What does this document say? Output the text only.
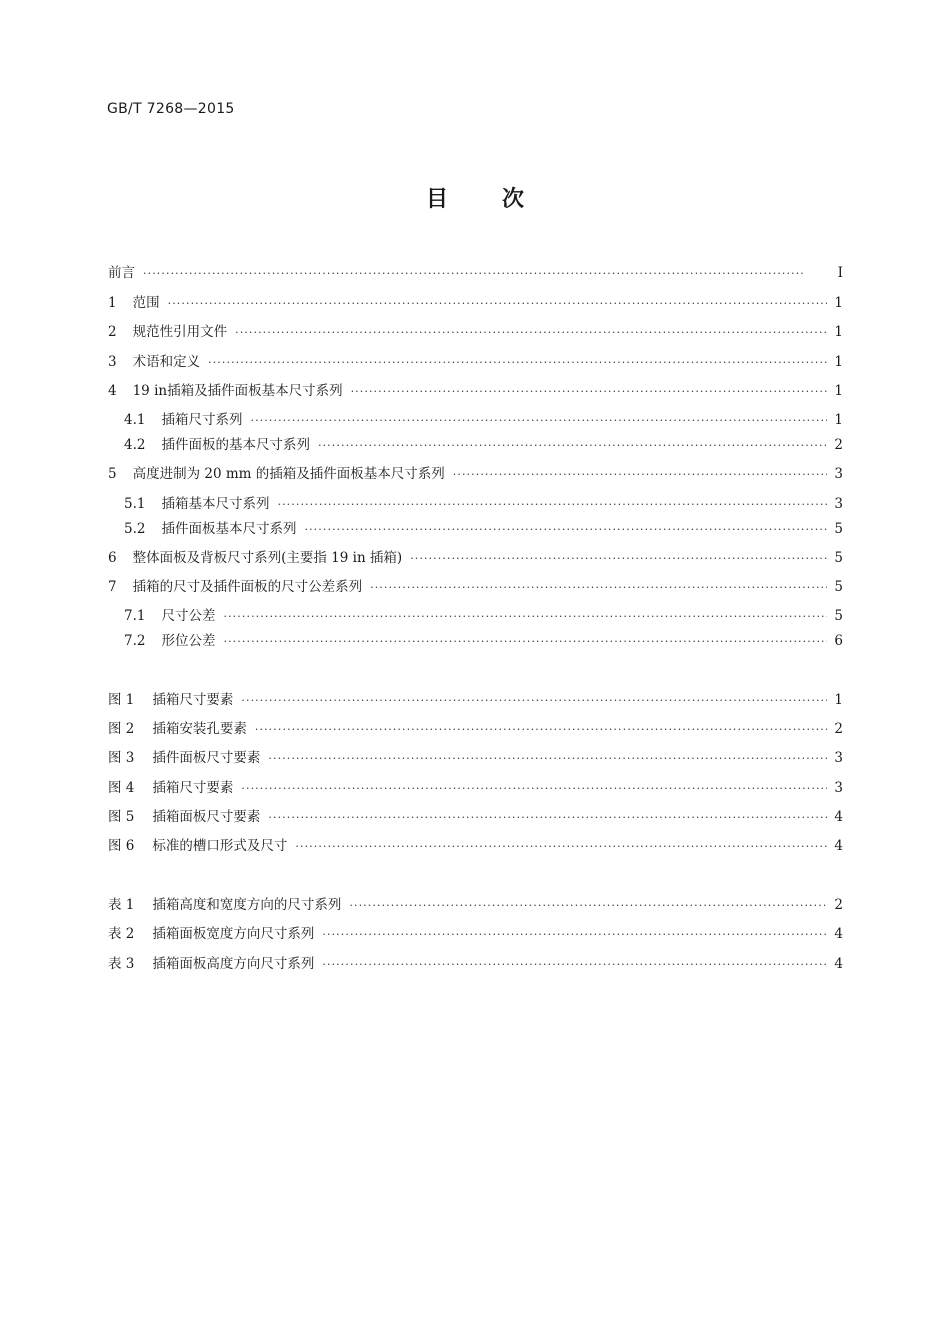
GB/T 7268—2015
目 次
前言 ·····	Ⅰ
1 范围 ·····	1
2 规范性引用文件 ·····	1
3 术语和定义 ·····	1
4 19 in插箱及插件面板基本尺寸系列 ·····	1
4.1 插箱尺寸系列 ·····	1
4.2 插件面板的基本尺寸系列 ·····	2
5 高度进制为 20 mm 的插箱及插件面板基本尺寸系列 ·····	3
5.1 插箱基本尺寸系列 ·····	3
5.2 插件面板基本尺寸系列 ·····	5
6 整体面板及背板尺寸系列(主要指 19 in 插箱) ·····	5
7 插箱的尺寸及插件面板的尺寸公差系列 ·····	5
7.1 尺寸公差 ·····	5
7.2 形位公差 ·····	6
图 1 插箱尺寸要素 ·····	1
图 2 插箱安装孔要素 ·····	2
图 3 插件面板尺寸要素 ·····	3
图 4 插箱尺寸要素 ·····	3
图 5 插箱面板尺寸要素 ·····	4
图 6 标准的槽口形式及尺寸 ·····	4
表 1 插箱高度和宽度方向的尺寸系列 ·····	2
表 2 插箱面板宽度方向尺寸系列 ·····	4
表 3 插箱面板高度方向尺寸系列 ·····	4
